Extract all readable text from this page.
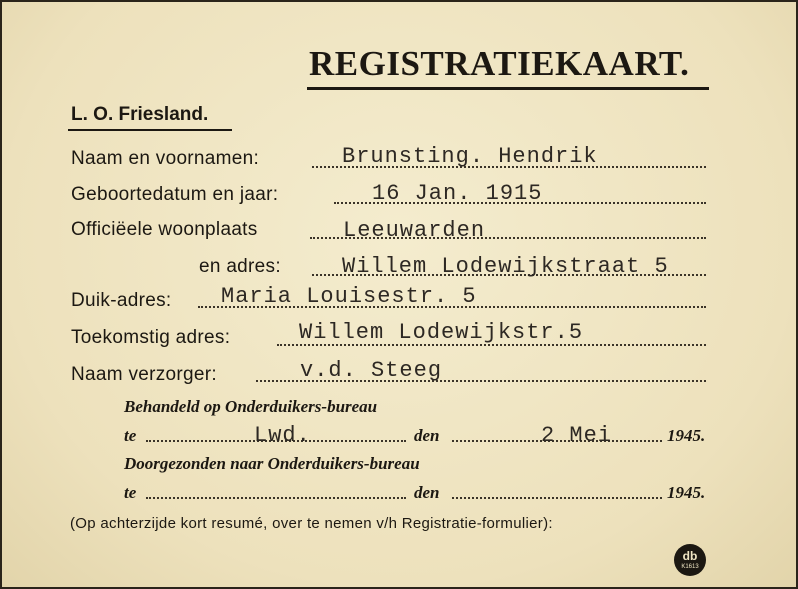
REGISTRATIEKAART.
L. O. Friesland.
Naam en voornamen:	Brunsting. Hendrik
Geboortedatum en jaar:	16 Jan. 1915
Officiëele woonplaats	Leeuwarden
en adres:	Willem Lodewijkstraat 5
Duik-adres: Maria Louisestr. 5
Toekomstig adres:	Willem Lodewijkstr.5
Naam verzorger:	v.d. Steeg
Behandeld op Onderduikers-bureau
te	Lwd.	den	2 Mei	1945.
Doorgezonden naar Onderduikers-bureau
te	den	1945.
(Op achterzijde kort resumé, over te nemen v/h Registratie-formulier):
db
K1613
